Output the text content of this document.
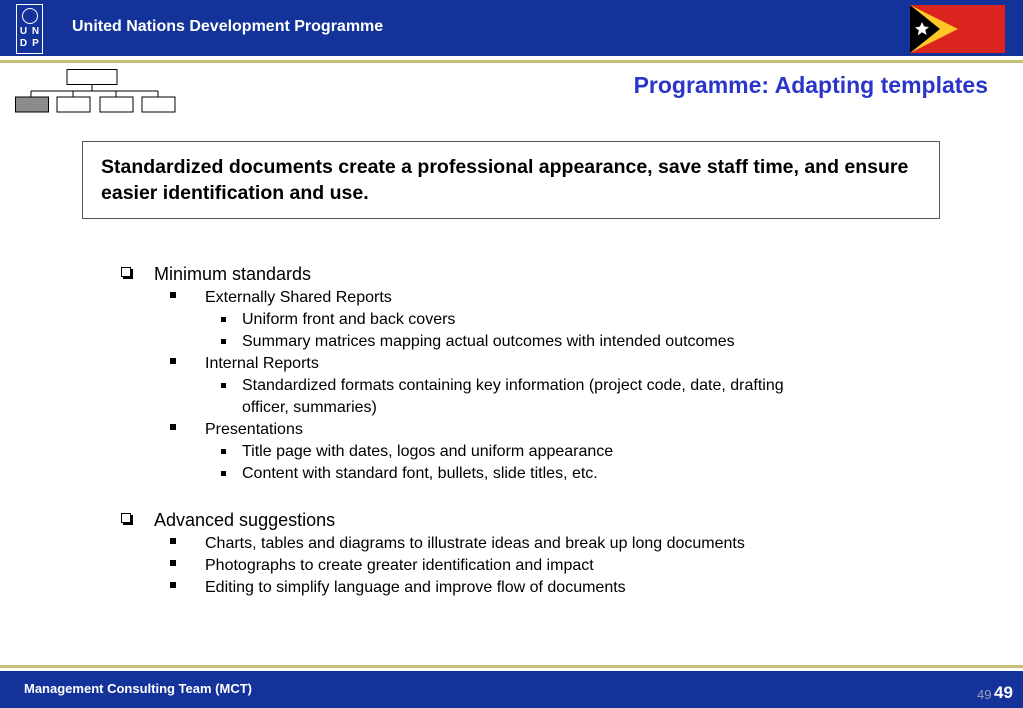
U N
D P
United Nations Development Programme
Programme: Adapting templates
Standardized documents create a professional appearance, save staff time, and ensure easier identification and use.
Minimum standards
Externally Shared Reports
Uniform front and back covers
Summary matrices mapping actual outcomes with intended outcomes
Internal Reports
Standardized formats containing key information (project code, date, drafting
officer, summaries)
Presentations
Title page with dates, logos and uniform appearance
Content with standard font, bullets, slide titles, etc.
Advanced suggestions
Charts, tables and diagrams to illustrate ideas and break up long documents
Photographs to create greater identification and impact
Editing to simplify language and improve flow of documents
Management Consulting Team (MCT)	49 49
